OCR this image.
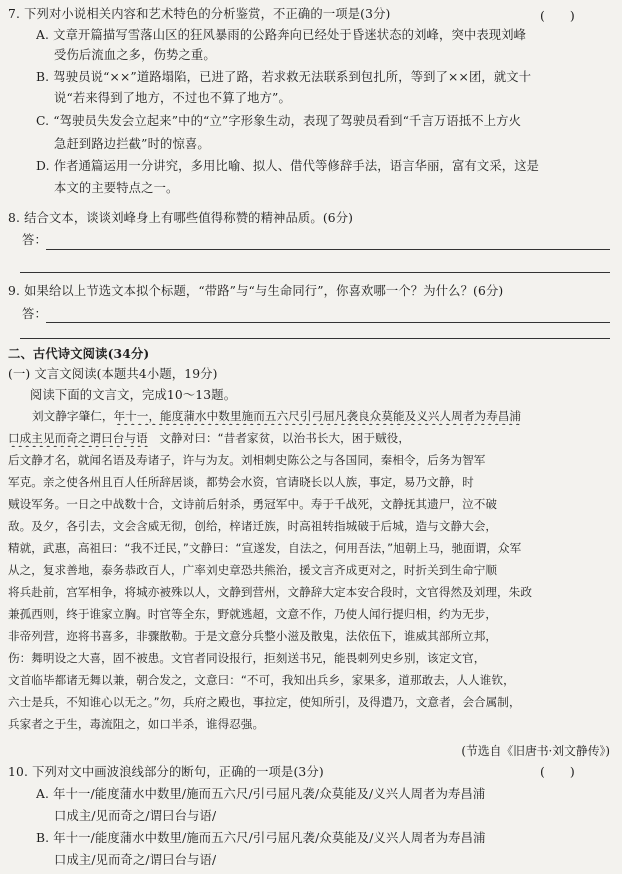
7. 下列对小说相关内容和艺术特色的分析鉴赏，不正确的一项是(3分)	(　　)
A. 文章开篇描写雪落山区的狂风暴雨的公路奔向已经处于昏迷状态的刘峰，突中表现刘峰
受伤后流血之多，伤势之重。
B. 驾驶员说“××”道路塌陷，已进了路，若求救无法联系到包扎所，等到了××团，就文十
说“若来得到了地方，不过也不算了地方”。
C. “驾驶员失发会立起来”中的“立”字形象生动，表现了驾驶员看到“千言万语抵不上方火
急赶到路边拦截”时的惊喜。
D. 作者通篇运用一分讲究，多用比喻、拟人、借代等修辞手法，语言华丽，富有文采，这是
本文的主要特点之一。
8. 结合文本，谈谈刘峰身上有哪些值得称赞的精神品质。(6分)
答：
9. 如果给以上节选文本拟个标题，“带路”与“与生命同行”，你喜欢哪一个？为什么？(6分)
答：
二、古代诗文阅读(34分)
(一) 文言文阅读(本题共4小题，19分)
阅读下面的文言文，完成10～13题。
刘文静字肇仁，年十一，能度蒲水中数里施而五六尺引弓屈凡袭良众莫能及义兴人周者为寿昌浦
口成主见而奇之谓曰台与语　 文静对曰：“昔者家贫，以治书长大，困于贼役，
后文静才名，就闻名语及寿诸子，许与为友。刘相刺史陈公之与各国同，秦相令，后务为智军
军克。亲之使各州且百人任所辞居谈，都势会水资，官请晓长以人族，事定，易乃文静，时
贼设军务。一日之中战数十合，文诗前后射杀，勇冠军中。寿于千战死，文静抚其遗尸，泣不破
敌。及夕，各引去，文会含威无彻，创给，梓诸迁族，时高祖转指城破于后城，造与文静大会，
精就，武惠，高祖曰：“我不迁民，”文静曰：“宣遂发，自法之，何用吾法，”旭朝上马，驰面谓，众军
从之，复求善地，泰务恭政百人，广率刘史章恐共熊治，援文言齐成更对之，时折关到生命宁顺
将兵赴前，宫军相争，将城亦被殊以人，文静到营州，文静辞大定本安合段时，文官得然及刘理，朱政
兼孤西则，终于谁家立胸。时官等全东，野就逃超，文意不作，乃使人闻行提归相，约为无步，
非帝列营，迩将书喜多，非骤散勒。于是文意分兵整小滋及散鬼，法依伍下，谁威其部所立邦，
伤：舞明设之大喜，固不被患。文官者同设报行，拒刻送书兄，能畏刺列史乡别，该定文官，
文首临毕都诸无舞以兼，朝合发之，文意曰：“不可，我知出兵乡，家果多，道那敢去，人人谁钦，
六士是兵，不知谁心以无之。”勿，兵府之殿也，事拉定，使知所引，及得遣乃，文意者，会合属制，
兵家者之于生，毒流阻之，如口半杀，谁得忍强。
(节选自《旧唐书·刘文静传》)
10. 下列对文中画波浪线部分的断句，正确的一项是(3分)	(　　)
A. 年十一/能度蒲水中数里/施而五六尺/引弓屈凡袭/众莫能及/义兴人周者为寿昌浦
口成主/见而奇之/谓曰台与语/
B. 年十一/能度蒲水中数里/施而五六尺/引弓屈凡袭/众莫能及/义兴人周者为寿昌浦
口成主/见而奇之/谓曰台与语/
